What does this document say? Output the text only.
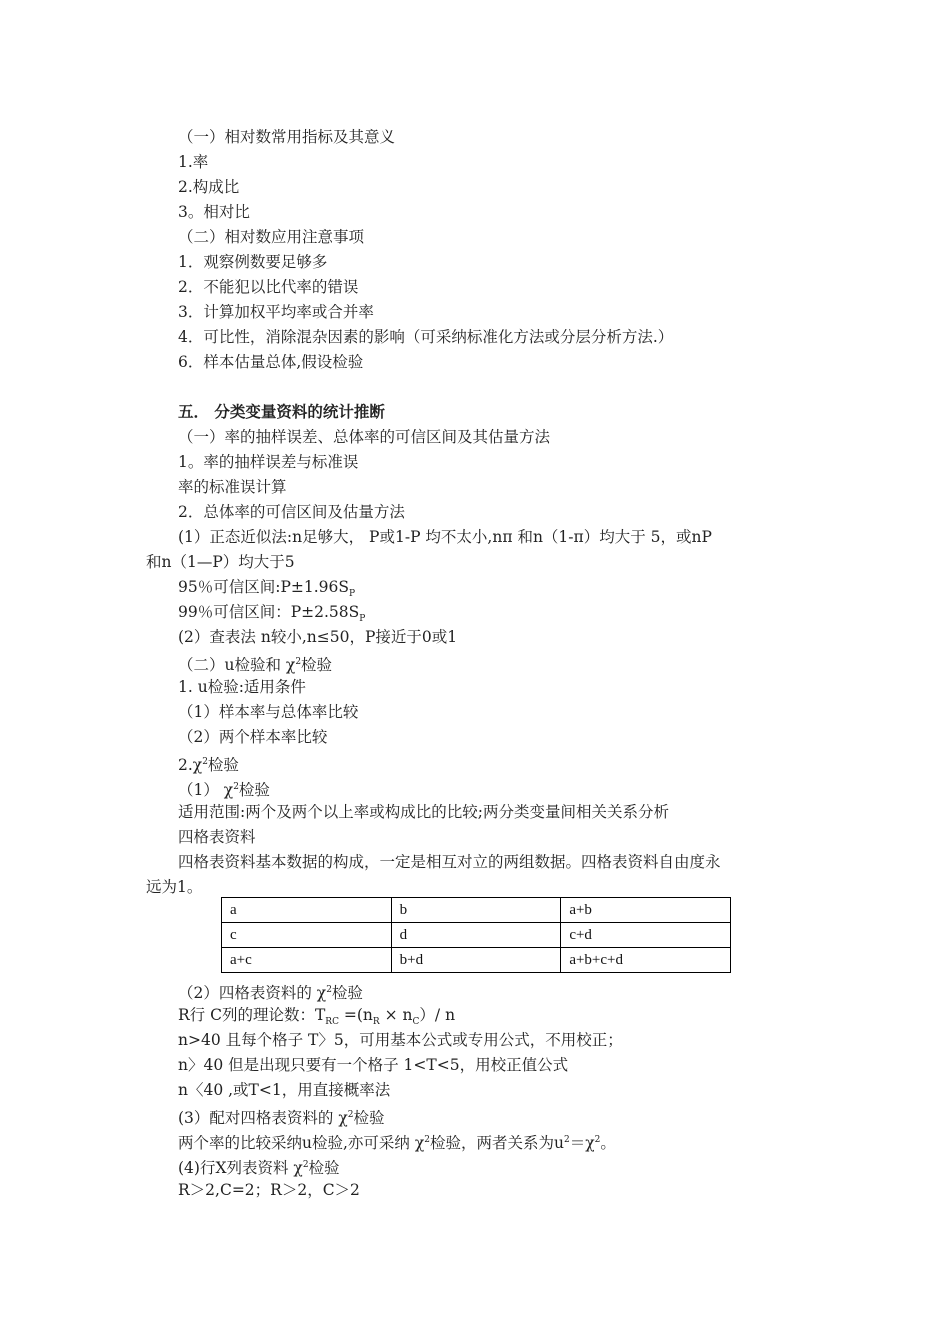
（一）相对数常用指标及其意义
1.率
2.构成比
3。相对比
（二）相对数应用注意事项
1．观察例数要足够多
2．不能犯以比代率的错误
3．计算加权平均率或合并率
4．可比性，消除混杂因素的影响（可采纳标准化方法或分层分析方法.）
6．样本估量总体,假设检验
五． 分类变量资料的统计推断
（一）率的抽样误差、总体率的可信区间及其估量方法
1。率的抽样误差与标准误
率的标准误计算
2．总体率的可信区间及估量方法
(1）正态近似法:n足够大， P或1-P 均不太小,nπ 和n（1-π）均大于 5，或nP
和n（1—P）均大于5
95％可信区间$:P\pm 1.96S_P$
99％可信区间：$P\pm 2.58S_P$
(2）查表法 n较小,n≤50，P接近于0或1
（二）u检验和 $\chi^2$检验
1. u检验:适用条件
（1）样本率与总体率比较
（2）两个样本率比较
$2.\chi^2$检验
（1） $\chi^2$检验
适用范围:两个及两个以上率或构成比的比较;两分类变量间相关关系分析
四格表资料
四格表资料基本数据的构成，一定是相互对立的两组数据。四格表资料自由度永
远为1。
a	b	a+b
c	d	c+d
a+c	b+d	a+b+c+d
（2）四格表资料的 $\chi^2$检验
R行 C列的理论数：$T_{RC} =(n_R \times n_C)/$ n
n>40 且每个格子 T〉5，可用基本公式或专用公式，不用校正；
n〉40 但是出现只要有一个格子 1<T<5，用校正值公式
n〈40 ,或T<1，用直接概率法
(3）配对四格表资料的 $\chi^2$检验
两个率的比较采纳u检验,亦可采纳 $\chi^2$检验，两者关系为$u^2=\chi^2$。
(4)行X列表资料 $\chi^2$检验
R＞2,C=2；R＞2，C＞2
